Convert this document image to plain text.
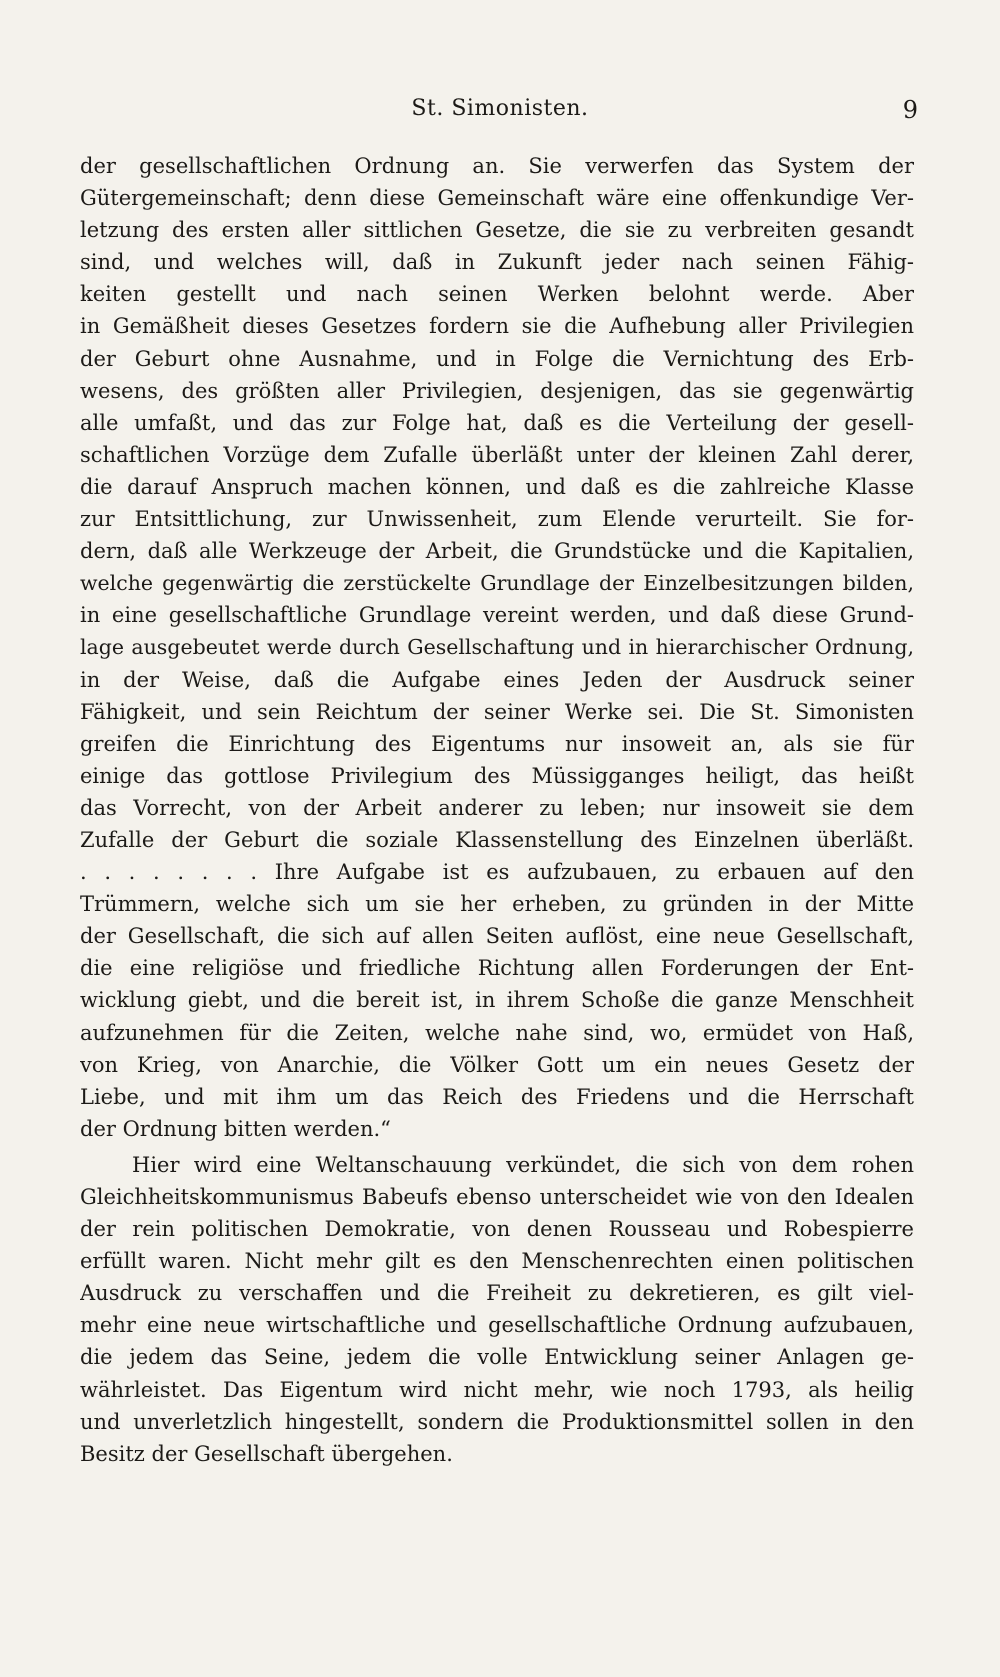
St. Simonisten.	9
der gesellschaftlichen Ordnung an. Sie verwerfen das System der
Gütergemeinschaft; denn diese Gemeinschaft wäre eine offenkundige Ver-
letzung des ersten aller sittlichen Gesetze, die sie zu verbreiten gesandt
sind, und welches will, daß in Zukunft jeder nach seinen Fähig-
keiten gestellt und nach seinen Werken belohnt werde. Aber
in Gemäßheit dieses Gesetzes fordern sie die Aufhebung aller Privilegien
der Geburt ohne Ausnahme, und in Folge die Vernichtung des Erb-
wesens, des größten aller Privilegien, desjenigen, das sie gegenwärtig
alle umfaßt, und das zur Folge hat, daß es die Verteilung der gesell-
schaftlichen Vorzüge dem Zufalle überläßt unter der kleinen Zahl derer,
die darauf Anspruch machen können, und daß es die zahlreiche Klasse
zur Entsittlichung, zur Unwissenheit, zum Elende verurteilt. Sie for-
dern, daß alle Werkzeuge der Arbeit, die Grundstücke und die Kapitalien,
welche gegenwärtig die zerstückelte Grundlage der Einzelbesitzungen bilden,
in eine gesellschaftliche Grundlage vereint werden, und daß diese Grund-
lage ausgebeutet werde durch Gesellschaftung und in hierarchischer Ordnung,
in der Weise, daß die Aufgabe eines Jeden der Ausdruck seiner
Fähigkeit, und sein Reichtum der seiner Werke sei. Die St. Simonisten
greifen die Einrichtung des Eigentums nur insoweit an, als sie für
einige das gottlose Privilegium des Müssigganges heiligt, das heißt
das Vorrecht, von der Arbeit anderer zu leben; nur insoweit sie dem
Zufalle der Geburt die soziale Klassenstellung des Einzelnen überläßt.
. . . . . . . . Ihre Aufgabe ist es aufzubauen, zu erbauen auf den
Trümmern, welche sich um sie her erheben, zu gründen in der Mitte
der Gesellschaft, die sich auf allen Seiten auflöst, eine neue Gesellschaft,
die eine religiöse und friedliche Richtung allen Forderungen der Ent-
wicklung giebt, und die bereit ist, in ihrem Schoße die ganze Menschheit
aufzunehmen für die Zeiten, welche nahe sind, wo, ermüdet von Haß,
von Krieg, von Anarchie, die Völker Gott um ein neues Gesetz der
Liebe, und mit ihm um das Reich des Friedens und die Herrschaft
der Ordnung bitten werden.“
Hier wird eine Weltanschauung verkündet, die sich von dem rohen
Gleichheitskommunismus Babeufs ebenso unterscheidet wie von den Idealen
der rein politischen Demokratie, von denen Rousseau und Robespierre
erfüllt waren. Nicht mehr gilt es den Menschenrechten einen politischen
Ausdruck zu verschaffen und die Freiheit zu dekretieren, es gilt viel-
mehr eine neue wirtschaftliche und gesellschaftliche Ordnung aufzubauen,
die jedem das Seine, jedem die volle Entwicklung seiner Anlagen ge-
währleistet. Das Eigentum wird nicht mehr, wie noch 1793, als heilig
und unverletzlich hingestellt, sondern die Produktionsmittel sollen in den
Besitz der Gesellschaft übergehen.
